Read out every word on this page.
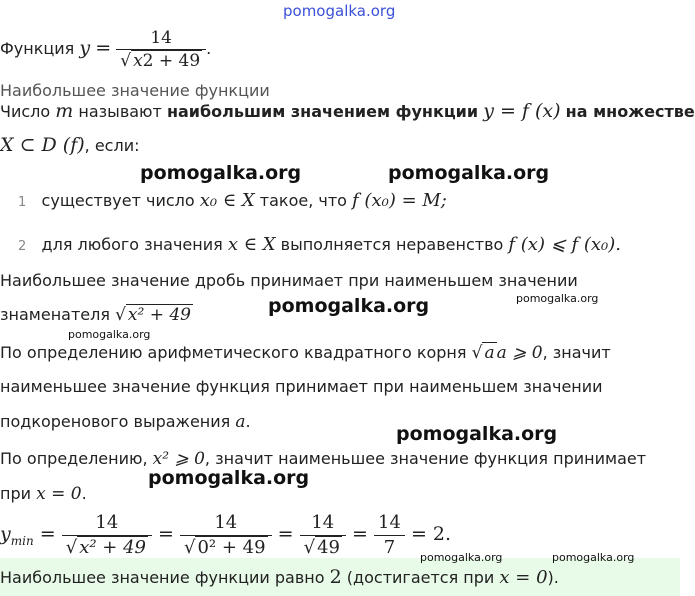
pomogalka.org
Функция $y = \frac{14}{√ x2 + 49}$ .
Наибольшее значение функции
Число m называют наибольшим значением функции y = f (x) на множестве
X ⊂ D (f), если:
1 существует число x₀ ∈ X такое, что f (x₀) = M;
2 для любого значения x ∈ X выполняется неравенство f (x) ⩽ f (x₀).
Наибольшее значение дробь принимает при наименьшем значении
знаменателя √ x² + 49
По определению арифметического квадратного корня √ a a ⩾ 0, значит
наименьшее значение функция принимает при наименьшем значении
подкоренового выражения a.
По определению, x² ⩾ 0, значит наименьшее значение функция принимает
при x = 0.
$y_{min} = \frac{14}{\text{√ x² + 49}} = \frac{14}{\text{√ 0² + 49}} = \frac{14}{√ 49} = \frac{14}{7} = 2$.
Наибольшее значение функции равно 2 (достигается при x = 0).
pomogalka.org	pomogalka.org
pomogalka.org	pomogalka.org
pomogalka.org
pomogalka.org
pomogalka.org
pomogalka.org	pomogalka.org
